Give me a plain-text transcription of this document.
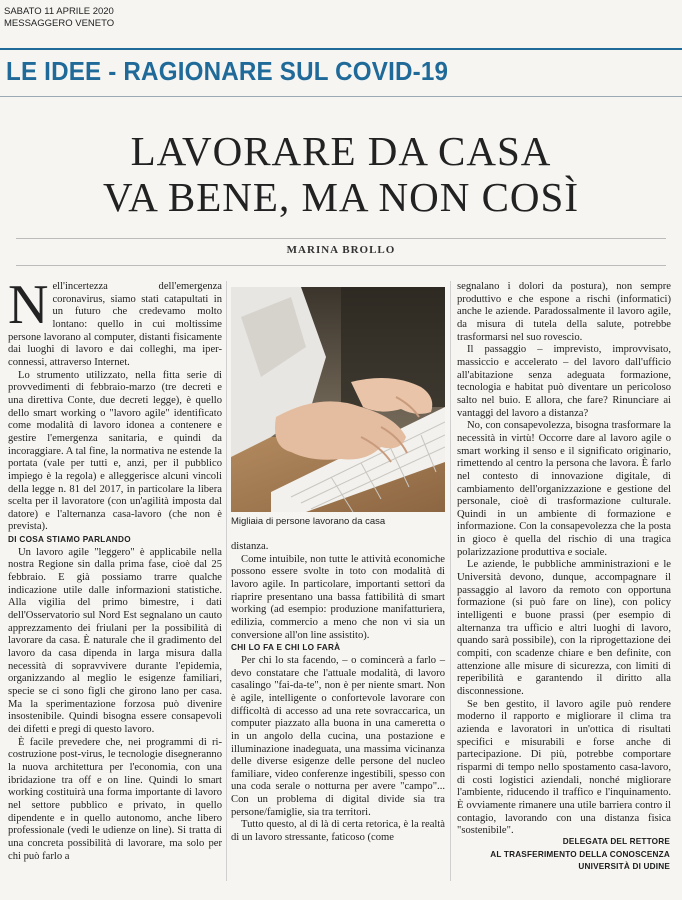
SABATO 11 APRILE 2020
MESSAGGERO VENETO
LE IDEE - RAGIONARE SUL COVID-19
LAVORARE DA CASA
VA BENE, MA NON COSÌ
MARINA BROLLO

Nell'incertezza dell'emergenza coronavirus, siamo stati catapultati in un futuro che credevamo molto lontano: quello in cui moltissime persone lavorano al computer, distanti fisicamente dai luoghi di lavoro e dai colleghi, ma iper-connessi, attraverso Internet.

Lo strumento utilizzato, nella fitta serie di provvedimenti di febbraio-marzo (tre decreti e una direttiva Conte, due decreti legge), è quello dello smart working o "lavoro agile" identificato come modalità di lavoro idonea a contenere e gestire l'emergenza sanitaria, e quindi da incoraggiare. A tal fine, la normativa ne estende la portata (vale per tutti e, anzi, per il pubblico impiego è la regola) e alleggerisce alcuni vincoli della legge n. 81 del 2017, in particolare la libera scelta per il lavoratore (con un'agilità imposta dal datore) e l'alternanza casa-lavoro (che non è prevista).

DI COSA STIAMO PARLANDO

Un lavoro agile "leggero" è applicabile nella nostra Regione sin dalla prima fase, cioè dal 25 febbraio. E già possiamo trarre qualche indicazione utile dalle informazioni statistiche. Alla vigilia del primo bimestre, i dati dell'Osservatorio sul Nord Est segnalano un cauto apprezzamento dei friulani per la possibilità di lavorare da casa. È naturale che il gradimento del lavoro da casa dipenda in larga misura dalla necessità di sopravvivere durante l'epidemia, organizzando al meglio le esigenze familiari, specie se ci sono figli che girono lano per casa. Ma la sperimentazione forzosa può divenire insostenibile. Quindi bisogna essere consapevoli dei difetti e pregi di questo lavoro.

È facile prevedere che, nei programmi di ri-costruzione post-virus, le tecnologie disegneranno la nuova architettura per l'economia, con una ibridazione tra off e on line. Quindi lo smart working costituirà una forma importante di lavoro nel settore pubblico e privato, in quello dipendente e in quello autonomo, anche libero professionale (vedi le udienze on line). Si tratta di una concreta possibilità di lavorare, ma solo per chi può farlo a

Migliaia di persone lavorano da casa

distanza.

Come intuibile, non tutte le attività economiche possono essere svolte in toto con modalità di lavoro agile. In particolare, importanti settori da riaprire presentano una bassa fattibilità di smart working (ad esempio: produzione manifatturiera, edilizia, commercio a meno che non vi sia un conversione all'on line assistito).

CHI LO FA E CHI LO FARÀ

Per chi lo sta facendo, – o comincerà a farlo – devo constatare che l'attuale modalità, di lavoro casalingo "fai-da-te", non è per niente smart. Non è agile, intelligente o confortevole lavorare con difficoltà di accesso ad una rete sovraccarica, un computer piazzato alla buona in una cameretta o in un angolo della cucina, una postazione e illuminazione inadeguata, una massima vicinanza delle diverse esigenze delle persone del nucleo familiare, video conferenze ingestibili, spesso con una coda serale o notturna per avere "campo"... Con un problema di digital divide sia tra persone/famiglie, sia tra territori.

Tutto questo, al di là di certa retorica, è la realtà di un lavoro stressante, faticoso (come

segnalano i dolori da postura), non sempre produttivo e che espone a rischi (informatici) anche le aziende. Paradossalmente il lavoro agile, da misura di tutela della salute, potrebbe trasformarsi nel suo rovescio.

Il passaggio – imprevisto, improvvisato, massiccio e accelerato – del lavoro dall'ufficio all'abitazione senza adeguata formazione, tecnologia e habitat può diventare un pericoloso salto nel buio. E allora, che fare? Rinunciare ai vantaggi del lavoro a distanza?

No, con consapevolezza, bisogna trasformare la necessità in virtù! Occorre dare al lavoro agile o smart working il senso e il significato originario, rimettendo al centro la persona che lavora. È farlo nel contesto di innovazione digitale, di cambiamento dell'organizzazione e gestione del personale, cioè di trasformazione culturale. Quindi in un ambiente di formazione e informazione. Con la consapevolezza che la posta in gioco è quella del rischio di una tragica polarizzazione produttiva e sociale.

Le aziende, le pubbliche amministrazioni e le Università devono, dunque, accompagnare il passaggio al lavoro da remoto con opportuna formazione (si può fare on line), con policy intelligenti e buone prassi (per esempio di alternanza tra ufficio e altri luoghi di lavoro, quando sarà possibile), con la riprogettazione dei compiti, con scadenze chiare e ben definite, con attenzione alle misure di sicurezza, con limiti di reperibilità e garantendo il diritto alla disconnessione.

Se ben gestito, il lavoro agile può rendere moderno il rapporto e migliorare il clima tra azienda e lavoratori in un'ottica di risultati specifici e misurabili e forse anche di partecipazione. Di più, potrebbe comportare risparmi di tempo nello spostamento casa-lavoro, di costi logistici aziendali, nonché migliorare l'ambiente, riducendo il traffico e l'inquinamento. È ovviamente rimanere una utile barriera contro il contagio, lavorando con una distanza fisica "sostenibile".

DELEGATA DEL RETTORE
AL TRASFERIMENTO DELLA CONOSCENZA
UNIVERSITÀ DI UDINE
